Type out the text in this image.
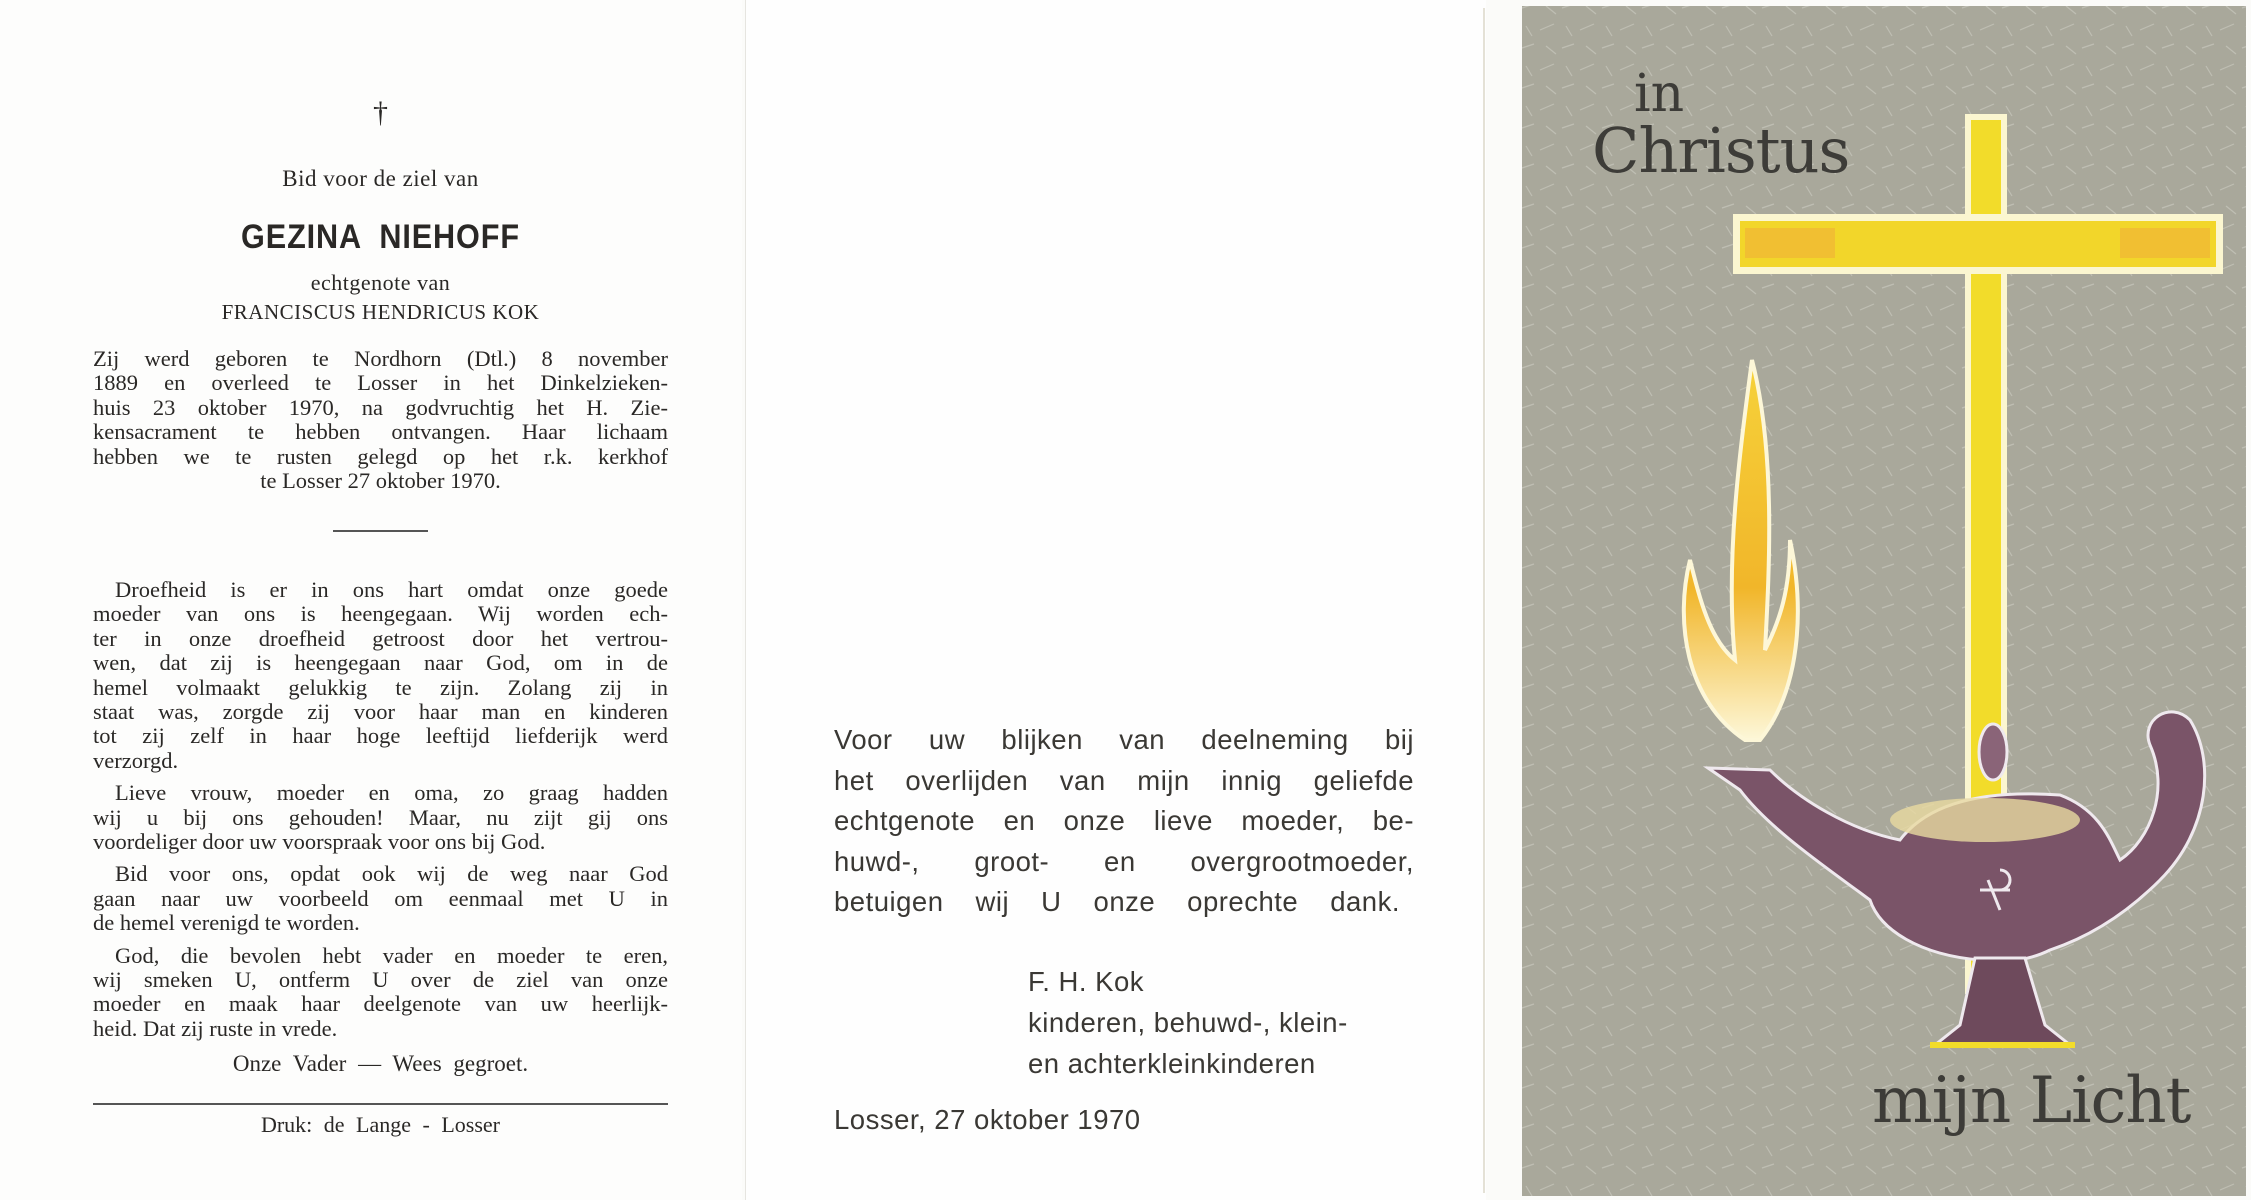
†
Bid voor de ziel van
GEZINA NIEHOFF
echtgenote van
FRANCISCUS HENDRICUS KOK
Zij werd geboren te Nordhorn (Dtl.) 8 november
1889 en overleed te Losser in het Dinkelzieken-
huis 23 oktober 1970, na godvruchtig het H. Zie-
kensacrament te hebben ontvangen. Haar lichaam
hebben we te rusten gelegd op het r.k. kerkhof
te Losser 27 oktober 1970.
Droefheid is er in ons hart omdat onze goede
moeder van ons is heengegaan. Wij worden ech-
ter in onze droefheid getroost door het vertrou-
wen, dat zij is heengegaan naar God, om in de
hemel volmaakt gelukkig te zijn. Zolang zij in
staat was, zorgde zij voor haar man en kinderen
tot zij zelf in haar hoge leeftijd liefderijk werd
verzorgd.
Lieve vrouw, moeder en oma, zo graag hadden
wij u bij ons gehouden! Maar, nu zijt gij ons
voordeliger door uw voorspraak voor ons bij God.
Bid voor ons, opdat ook wij de weg naar God
gaan naar uw voorbeeld om eenmaal met U in
de hemel verenigd te worden.
God, die bevolen hebt vader en moeder te eren,
wij smeken U, ontferm U over de ziel van onze
moeder en maak haar deelgenote van uw heerlijk-
heid. Dat zij ruste in vrede.
Onze Vader — Wees gegroet.
Druk: de Lange - Losser
Voor uw blijken van deelneming bij
het overlijden van mijn innig geliefde
echtgenote en onze lieve moeder, be-
huwd-, groot- en overgrootmoeder,
betuigen wij U onze oprechte dank.
F. H. Kok
kinderen, behuwd-, klein-
en achterkleinkinderen
Losser, 27 oktober 1970
in
Christus
mijn Licht
